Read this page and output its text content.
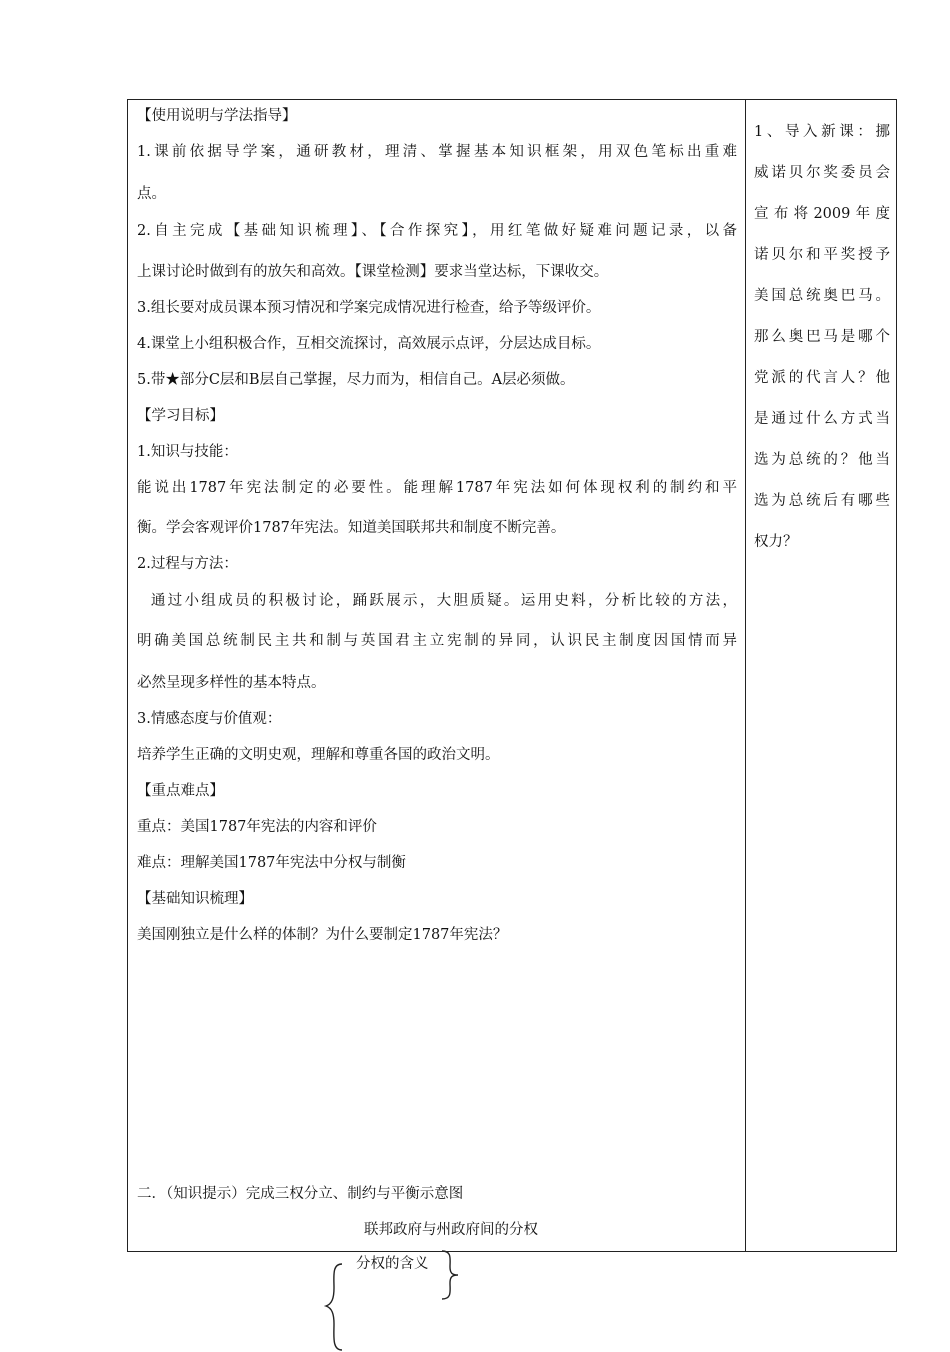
【使用说明与学法指导】
1.课前依据导学案，通研教材，理清、掌握基本知识框架，用双色笔标出重难
点。
2.自主完成【基础知识梳理】、【合作探究】，用红笔做好疑难问题记录，以备
上课讨论时做到有的放矢和高效。【课堂检测】要求当堂达标，下课收交。
3.组长要对成员课本预习情况和学案完成情况进行检查，给予等级评价。
4.课堂上小组积极合作，互相交流探讨，高效展示点评，分层达成目标。
5.带★部分C层和B层自己掌握，尽力而为，相信自己。A层必须做。
【学习目标】
1.知识与技能：
能说出1787年宪法制定的必要性。能理解1787年宪法如何体现权利的制约和平
衡。学会客观评价1787年宪法。知道美国联邦共和制度不断完善。
2.过程与方法：
通过小组成员的积极讨论，踊跃展示，大胆质疑。运用史料，分析比较的方法，
明确美国总统制民主共和制与英国君主立宪制的异同，认识民主制度因国情而异
必然呈现多样性的基本特点。
3.情感态度与价值观：
培养学生正确的文明史观，理解和尊重各国的政治文明。
【重点难点】
重点：美国1787年宪法的内容和评价
难点：理解美国1787年宪法中分权与制衡
【基础知识梳理】
美国刚独立是什么样的体制？为什么要制定1787年宪法？
二．（知识提示）完成三权分立、制约与平衡示意图
联邦政府与州政府间的分权
1、导入新课：挪
威诺贝尔奖委员会
宣布将2009年度
诺贝尔和平奖授予
美国总统奥巴马。
那么奥巴马是哪个
党派的代言人？他
是通过什么方式当
选为总统的？他当
选为总统后有哪些
权力？
分权的含义
